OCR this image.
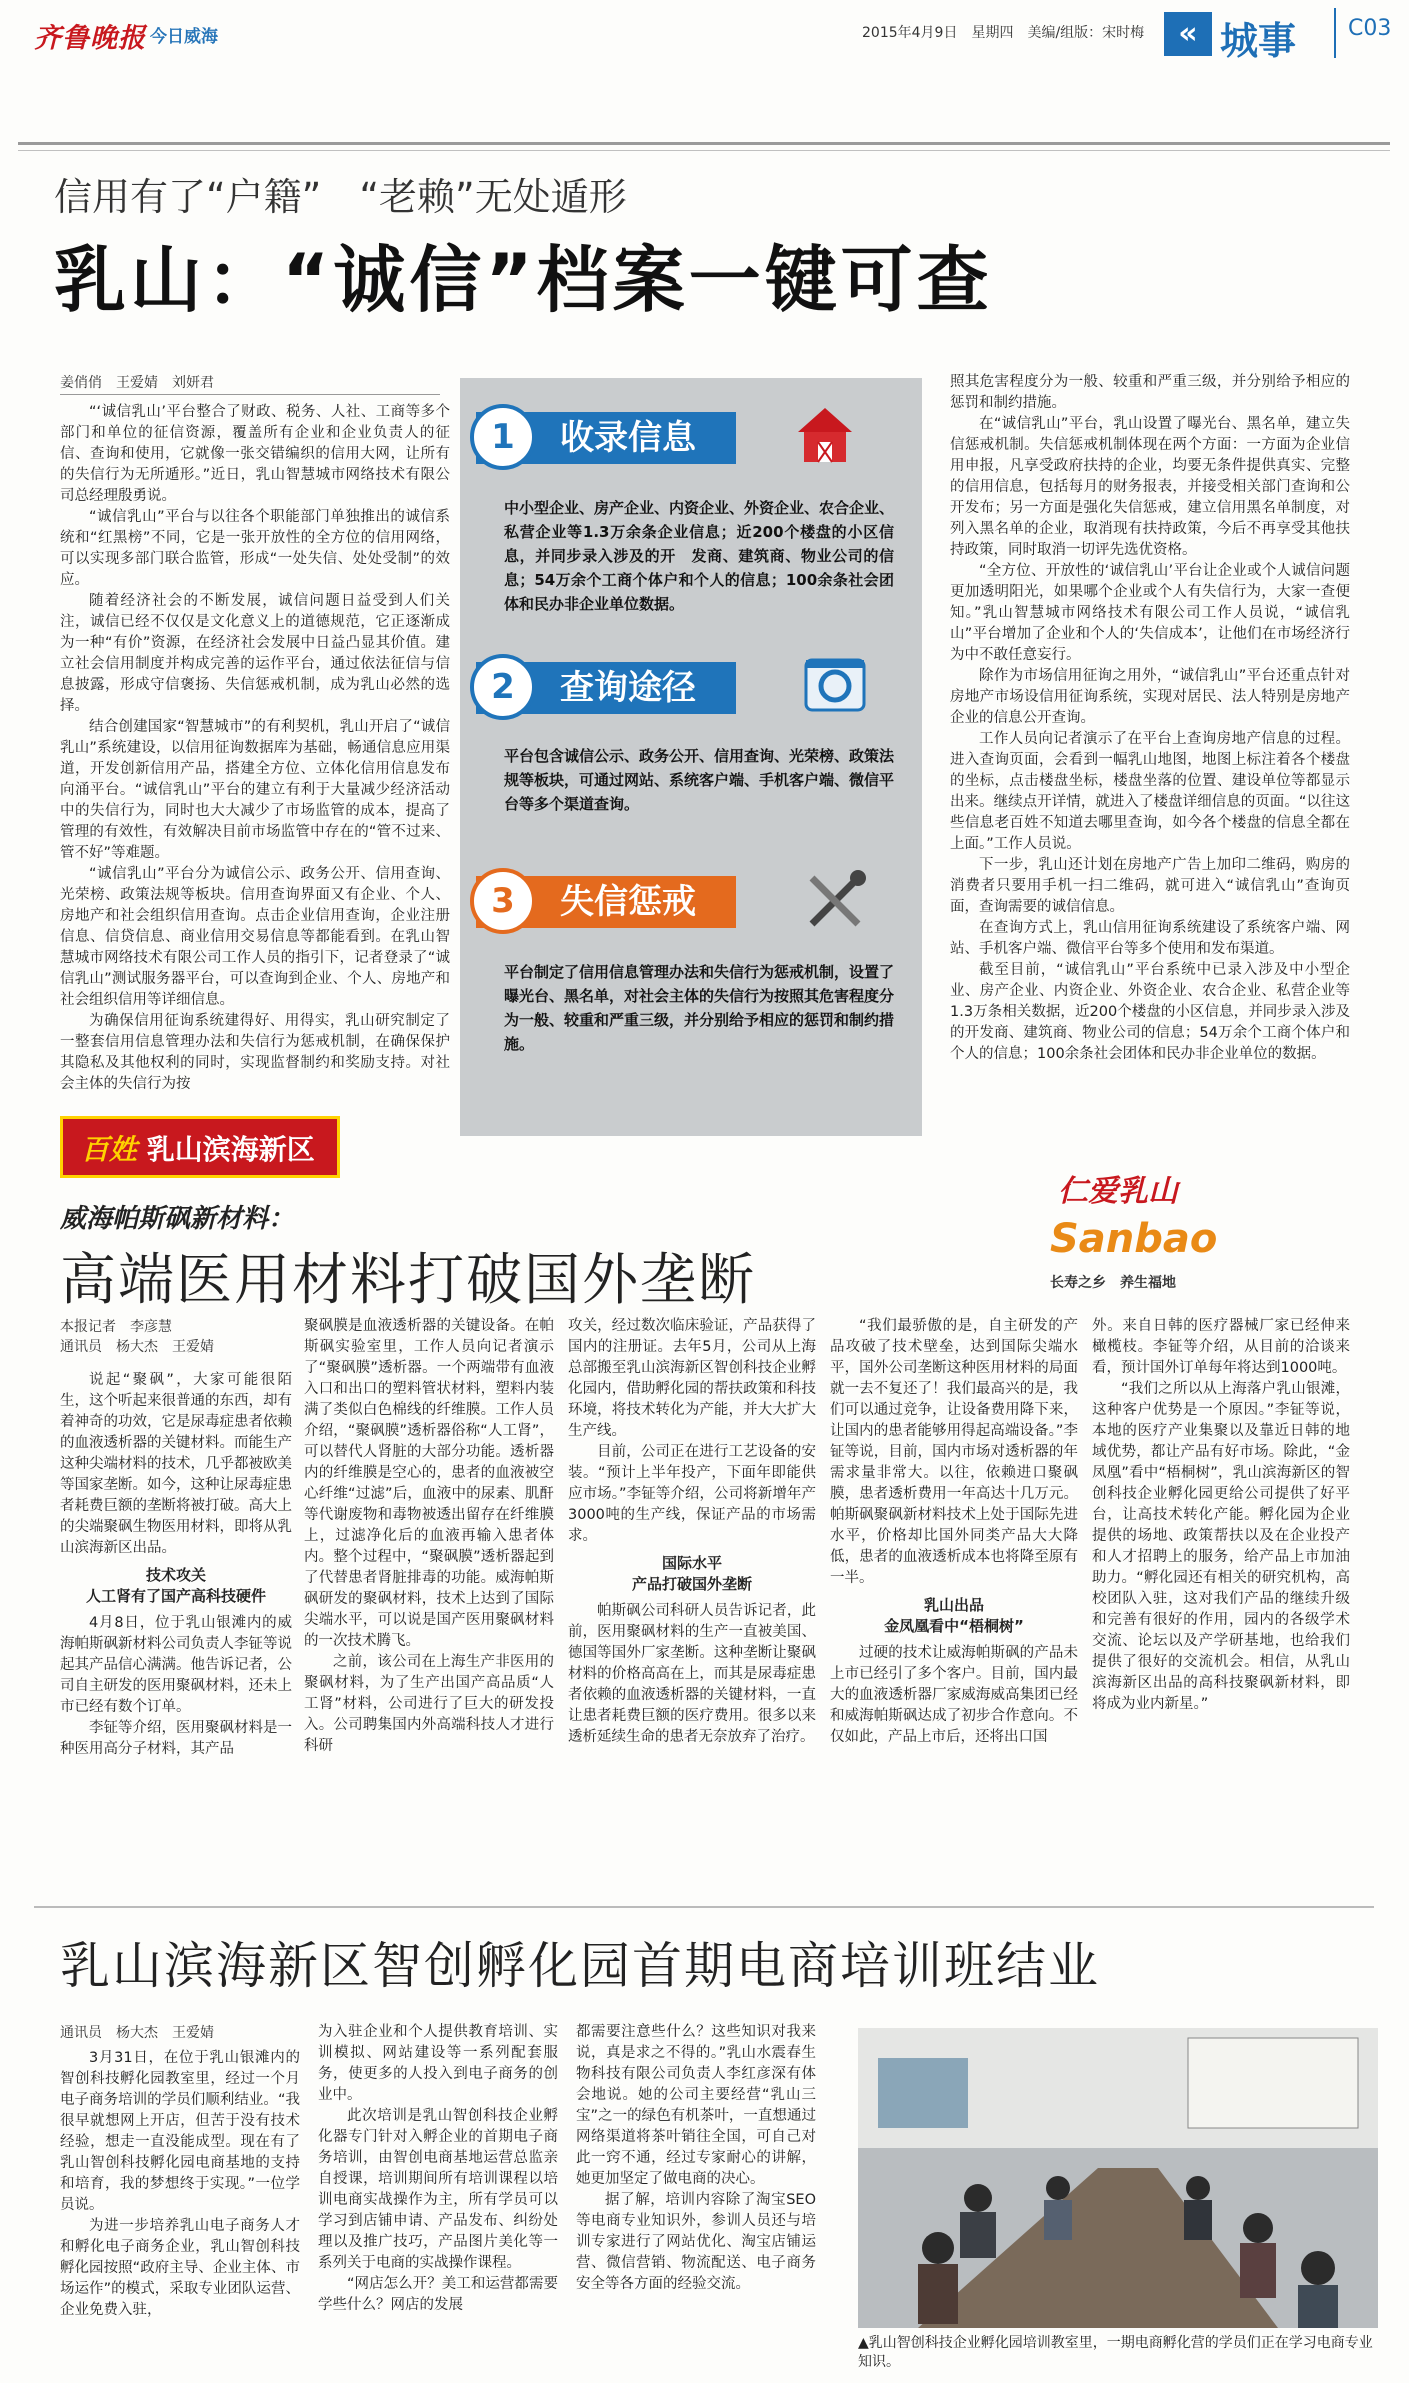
齐鲁晚报 今日威海	2015年4月9日　星期四　美编/组版：宋时梅	« 城事 C03
信用有了“户籍”　“老赖”无处遁形
乳山：“诚信”档案一键可查
姜俏俏　王爱婧　刘妍君

“‘诚信乳山’平台整合了财政、税务、人社、工商等多个部门和单位的征信资源，覆盖所有企业和企业负责人的征信、查询和使用，它就像一张交错编织的信用大网，让所有的失信行为无所遁形。”近日，乳山智慧城市网络技术有限公司总经理殷勇说。

“诚信乳山”平台与以往各个职能部门单独推出的诚信系统和“红黑榜”不同，它是一张开放性的全方位的信用网络，可以实现多部门联合监管，形成“一处失信、处处受制”的效应。

随着经济社会的不断发展，诚信问题日益受到人们关注，诚信已经不仅仅是文化意义上的道德规范，它正逐渐成为一种“有价”资源，在经济社会发展中日益凸显其价值。建立社会信用制度并构成完善的运作平台，通过依法征信与信息披露，形成守信褒扬、失信惩戒机制，成为乳山必然的选择。

结合创建国家“智慧城市”的有利契机，乳山开启了“诚信乳山”系统建设，以信用征询数据库为基础，畅通信息应用渠道，开发创新信用产品，搭建全方位、立体化信用信息发布向涌平台。“诚信乳山”平台的建立有利于大量减少经济活动中的失信行为，同时也大大减少了市场监管的成本，提高了管理的有效性，有效解决目前市场监管中存在的“管不过来、管不好”等难题。

“诚信乳山”平台分为诚信公示、政务公开、信用查询、光荣榜、政策法规等板块。信用查询界面又有企业、个人、房地产和社会组织信用查询。点击企业信用查询，企业注册信息、信贷信息、商业信用交易信息等都能看到。在乳山智慧城市网络技术有限公司工作人员的指引下，记者登录了“诚信乳山”测试服务器平台，可以查询到企业、个人、房地产和社会组织信用等详细信息。

为确保信用征询系统建得好、用得实，乳山研究制定了一整套信用信息管理办法和失信行为惩戒机制，在确保保护其隐私及其他权利的同时，实现监督制约和奖励支持。对社会主体的失信行为按

1	收录信息
中小型企业、房产企业、内资企业、外资企业、农合企业、私营企业等1.3万余条企业信息；近200个楼盘的小区信息，并同步录入涉及的开　发商、建筑商、物业公司的信息；54万余个工商个体户和个人的信息；100余条社会团体和民办非企业单位数据。
2	查询途径
平台包含诚信公示、政务公开、信用查询、光荣榜、政策法规等板块，可通过网站、系统客户端、手机客户端、微信平台等多个渠道查询。
3	失信惩戒
平台制定了信用信息管理办法和失信行为惩戒机制，设置了曝光台、黑名单，对社会主体的失信行为按照其危害程度分为一般、较重和严重三级，并分别给予相应的惩罚和制约措施。

照其危害程度分为一般、较重和严重三级，并分别给予相应的惩罚和制约措施。

在“诚信乳山”平台，乳山设置了曝光台、黑名单，建立失信惩戒机制。失信惩戒机制体现在两个方面：一方面为企业信用申报，凡享受政府扶持的企业，均要无条件提供真实、完整的信用信息，包括每月的财务报表，并接受相关部门查询和公开发布；另一方面是强化失信惩戒，建立信用黑名单制度，对列入黑名单的企业，取消现有扶持政策，今后不再享受其他扶持政策，同时取消一切评先选优资格。

“全方位、开放性的‘诚信乳山’平台让企业或个人诚信问题更加透明阳光，如果哪个企业或个人有失信行为，大家一查便知。”乳山智慧城市网络技术有限公司工作人员说，“诚信乳山”平台增加了企业和个人的‘失信成本’，让他们在市场经济行为中不敢任意妄行。

除作为市场信用征询之用外，“诚信乳山”平台还重点针对房地产市场设信用征询系统，实现对居民、法人特别是房地产企业的信息公开查询。

工作人员向记者演示了在平台上查询房地产信息的过程。进入查询页面，会看到一幅乳山地图，地图上标注着各个楼盘的坐标，点击楼盘坐标，楼盘坐落的位置、建设单位等都显示出来。继续点开详情，就进入了楼盘详细信息的页面。“以往这些信息老百姓不知道去哪里查询，如今各个楼盘的信息全都在上面。”工作人员说。

下一步，乳山还计划在房地产广告上加印二维码，购房的消费者只要用手机一扫二维码，就可进入“诚信乳山”查询页面，查询需要的诚信信息。

在查询方式上，乳山信用征询系统建设了系统客户端、网站、手机客户端、微信平台等多个使用和发布渠道。

截至目前，“诚信乳山”平台系统中已录入涉及中小型企业、房产企业、内资企业、外资企业、农合企业、私营企业等1.3万条相关数据，近200个楼盘的小区信息，并同步录入涉及的开发商、建筑商、物业公司的信息；54万余个工商个体户和个人的信息；100余条社会团体和民办非企业单位的数据。

百姓 乳山滨海新区
威海帕斯砜新材料：
高端医用材料打破国外垄断
仁爱乳山
Sanbao
长寿之乡　养生福地
本报记者　李彦慧
通讯员　杨大杰　王爱婧

说起“聚砜”，大家可能很陌生，这个听起来很普通的东西，却有着神奇的功效，它是尿毒症患者依赖的血液透析器的关键材料。而能生产这种尖端材料的技术，几乎都被欧美等国家垄断。如今，这种让尿毒症患者耗费巨额的垄断将被打破。高大上的尖端聚砜生物医用材料，即将从乳山滨海新区出品。

技术攻关
人工肾有了国产高科技硬件

4月8日，位于乳山银滩内的威海帕斯砜新材料公司负责人李钲等说起其产品信心满满。他告诉记者，公司自主研发的医用聚砜材料，还未上市已经有数个订单。

李钲等介绍，医用聚砜材料是一种医用高分子材料，其产品

聚砜膜是血液透析器的关键设备。在帕斯砜实验室里，工作人员向记者演示了“聚砜膜”透析器。一个两端带有血液入口和出口的塑料管状材料，塑料内装满了类似白色棉线的纤维膜。工作人员介绍，“聚砜膜”透析器俗称“人工肾”，可以替代人肾脏的大部分功能。透析器内的纤维膜是空心的，患者的血液被空心纤维“过滤”后，血液中的尿素、肌酐等代谢废物和毒物被透出留存在纤维膜上，过滤净化后的血液再输入患者体内。整个过程中，“聚砜膜”透析器起到了代替患者肾脏排毒的功能。威海帕斯砜研发的聚砜材料，技术上达到了国际尖端水平，可以说是国产医用聚砜材料的一次技术腾飞。

之前，该公司在上海生产非医用的聚砜材料，为了生产出国产高品质“人工肾”材料，公司进行了巨大的研发投入。公司聘集国内外高端科技人才进行科研

攻关，经过数次临床验证，产品获得了国内的注册证。去年5月，公司从上海总部搬至乳山滨海新区智创科技企业孵化园内，借助孵化园的帮扶政策和科技环境，将技术转化为产能，并大大扩大生产线。

目前，公司正在进行工艺设备的安装。“预计上半年投产，下面年即能供应市场。”李钲等介绍，公司将新增年产3000吨的生产线，保证产品的市场需求。

国际水平
产品打破国外垄断

帕斯砜公司科研人员告诉记者，此前，医用聚砜材料的生产一直被美国、德国等国外厂家垄断。这种垄断让聚砜材料的价格高高在上，而其是尿毒症患者依赖的血液透析器的关键材料，一直让患者耗费巨额的医疗费用。很多以来透析延续生命的患者无奈放弃了治疗。

“我们最骄傲的是，自主研发的产品攻破了技术壁垒，达到国际尖端水平，国外公司垄断这种医用材料的局面就一去不复还了！我们最高兴的是，我们可以通过竞争，让设备费用降下来，让国内的患者能够用得起高端设备。”李钲等说，目前，国内市场对透析器的年需求量非常大。以往，依赖进口聚砜膜，患者透析费用一年高达十几万元。帕斯砜聚砜新材料技术上处于国际先进水平，价格却比国外同类产品大大降低，患者的血液透析成本也将降至原有一半。

乳山出品
金凤凰看中“梧桐树”

过硬的技术让威海帕斯砜的产品未上市已经引了多个客户。目前，国内最大的血液透析器厂家威海威高集团已经和威海帕斯砜达成了初步合作意向。不仅如此，产品上市后，还将出口国

外。来自日韩的医疗器械厂家已经伸来橄榄枝。李钲等介绍，从目前的洽谈来看，预计国外订单每年将达到1000吨。

“我们之所以从上海落户乳山银滩，这种客户优势是一个原因。”李钲等说，本地的医疗产业集聚以及靠近日韩的地域优势，都让产品有好市场。除此，“金凤凰”看中“梧桐树”，乳山滨海新区的智创科技企业孵化园更给公司提供了好平台，让高技术转化产能。孵化园为企业提供的场地、政策帮扶以及在企业投产和人才招聘上的服务，给产品上市加油助力。“孵化园还有相关的研究机构，高校团队入驻，这对我们产品的继续升级和完善有很好的作用，园内的各级学术交流、论坛以及产学研基地，也给我们提供了很好的交流机会。相信，从乳山滨海新区出品的高科技聚砜新材料，即将成为业内新星。”

乳山滨海新区智创孵化园首期电商培训班结业
通讯员　杨大杰　王爱婧

3月31日，在位于乳山银滩内的智创科技孵化园教室里，经过一个月电子商务培训的学员们顺利结业。“我很早就想网上开店，但苦于没有技术经验，想走一直没能成型。现在有了乳山智创科技孵化园电商基地的支持和培育，我的梦想终于实现。”一位学员说。

为进一步培养乳山电子商务人才和孵化电子商务企业，乳山智创科技孵化园按照“政府主导、企业主体、市场运作”的模式，采取专业团队运营、企业免费入驻，

为入驻企业和个人提供教育培训、实训模拟、网站建设等一系列配套服务，使更多的人投入到电子商务的创业中。

此次培训是乳山智创科技企业孵化器专门针对入孵企业的首期电子商务培训，由智创电商基地运营总监亲自授课，培训期间所有培训课程以培训电商实战操作为主，所有学员可以学习到店铺申请、产品发布、纠纷处理以及推广技巧，产品图片美化等一系列关于电商的实战操作课程。

“网店怎么开？美工和运营都需要学些什么？网店的发展

都需要注意些什么？这些知识对我来说，真是求之不得的。”乳山水震春生物科技有限公司负责人李红彦深有体会地说。她的公司主要经营“乳山三宝”之一的绿色有机茶叶，一直想通过网络渠道将茶叶销往全国，可自己对此一窍不通，经过专家耐心的讲解，她更加坚定了做电商的决心。

据了解，培训内容除了淘宝SEO等电商专业知识外，参训人员还与培训专家进行了网站优化、淘宝店铺运营、微信营销、物流配送、电子商务安全等各方面的经验交流。

▲乳山智创科技企业孵化园培训教室里，一期电商孵化营的学员们正在学习电商专业知识。
